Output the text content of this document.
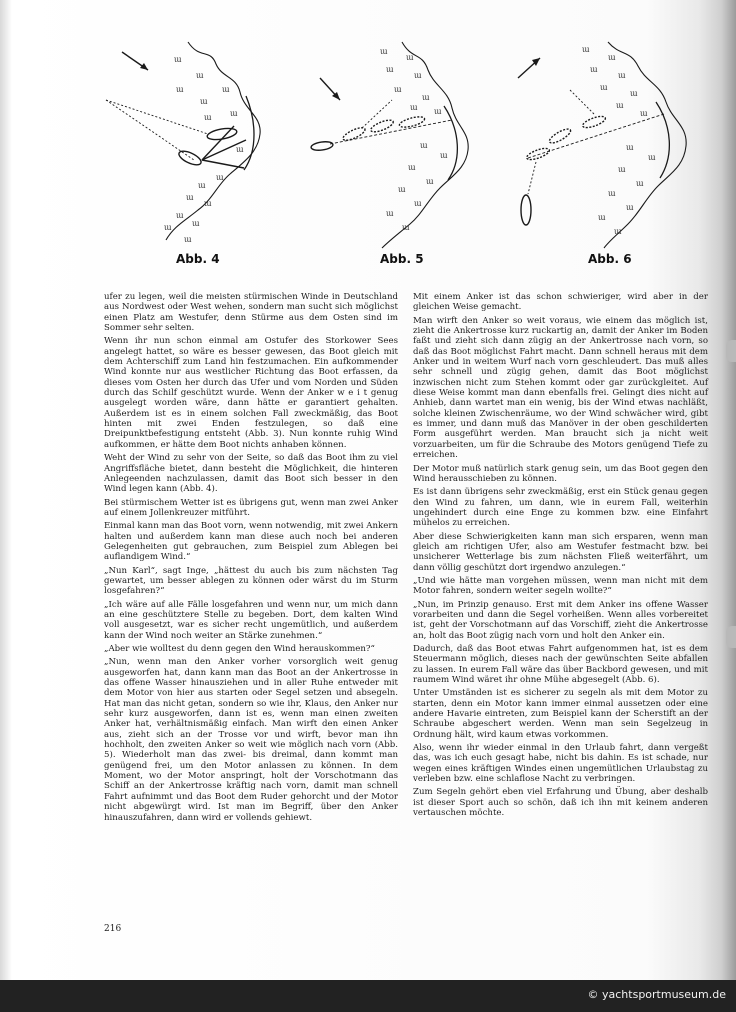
ɯ
ɯ
ɯ
ɯ
ɯ
ɯ ɯ
ɯ
ɯ
ɯ
ɯ
ɯ
ɯ
ɯ
ɯ
ɯ
Abb. 4
ɯ
ɯ
ɯ
ɯ
ɯ
ɯ
ɯ ɯ
ɯ
ɯ
ɯ
ɯ
ɯ
ɯ
ɯ
ɯ
Abb. 5
ɯ
ɯ
ɯ
ɯ
ɯ
ɯ
ɯ
ɯ
ɯ
ɯ
ɯ
ɯ
ɯ
ɯ
ɯ
ɯ
Abb. 6

ufer zu legen, weil die meisten stürmischen Winde in Deutschland aus Nordwest oder West wehen, sondern man sucht sich möglichst einen Platz am Westufer, denn Stürme aus dem Osten sind im Sommer sehr selten.

Wenn ihr nun schon einmal am Ostufer des Storkower Sees angelegt hattet, so wäre es besser gewesen, das Boot gleich mit dem Achterschiff zum Land hin festzumachen. Ein aufkommender Wind konnte nur aus westlicher Richtung das Boot erfassen, da dieses vom Osten her durch das Ufer und vom Norden und Süden durch das Schilf geschützt wurde. Wenn der Anker w e i t genug ausgelegt worden wäre, dann hätte er garantiert gehalten. Außerdem ist es in einem solchen Fall zweckmäßig, das Boot hinten mit zwei Enden festzulegen, so daß eine Dreipunktbefestigung entsteht (Abb. 3). Nun konnte ruhig Wind aufkommen, er hätte dem Boot nichts anhaben können.

Weht der Wind zu sehr von der Seite, so daß das Boot ihm zu viel Angriffsfläche bietet, dann besteht die Möglichkeit, die hinteren Anlegeenden nachzulassen, damit das Boot sich besser in den Wind legen kann (Abb. 4).

Bei stürmischem Wetter ist es übrigens gut, wenn man zwei Anker auf einem Jollenkreuzer mitführt.

Einmal kann man das Boot vorn, wenn notwendig, mit zwei Ankern halten und außerdem kann man diese auch noch bei anderen Gelegenheiten gut gebrauchen, zum Beispiel zum Ablegen bei auflandigem Wind.“

„Nun Karl“, sagt Inge, „hättest du auch bis zum nächsten Tag gewartet, um besser ablegen zu können oder wärst du im Sturm losgefahren?“

„Ich wäre auf alle Fälle losgefahren und wenn nur, um mich dann an eine geschütztere Stelle zu begeben. Dort, dem kalten Wind voll ausgesetzt, war es sicher recht ungemütlich, und außerdem kann der Wind noch weiter an Stärke zunehmen.“

„Aber wie wolltest du denn gegen den Wind herauskommen?“

„Nun, wenn man den Anker vorher vorsorglich weit genug ausgeworfen hat, dann kann man das Boot an der Ankertrosse in das offene Wasser hinausziehen und in aller Ruhe entweder mit dem Motor von hier aus starten oder Segel setzen und absegeln. Hat man das nicht getan, sondern so wie ihr, Klaus, den Anker nur sehr kurz ausgeworfen, dann ist es, wenn man einen zweiten Anker hat, verhältnismäßig einfach. Man wirft den einen Anker aus, zieht sich an der Trosse vor und wirft, bevor man ihn hochholt, den zweiten Anker so weit wie möglich nach vorn (Abb. 5). Wiederholt man das zwei- bis dreimal, dann kommt man genügend frei, um den Motor anlassen zu können. In dem Moment, wo der Motor anspringt, holt der Vorschotmann das Schiff an der Ankertrosse kräftig nach vorn, damit man schnell Fahrt aufnimmt und das Boot dem Ruder gehorcht und der Motor nicht abgewürgt wird. Ist man im Begriff, über den Anker hinauszufahren, dann wird er vollends gehiewt.

Mit einem Anker ist das schon schwieriger, wird aber in der gleichen Weise gemacht.

Man wirft den Anker so weit voraus, wie einem das möglich ist, zieht die Ankertrosse kurz ruckartig an, damit der Anker im Boden faßt und zieht sich dann zügig an der Ankertrosse nach vorn, so daß das Boot möglichst Fahrt macht. Dann schnell heraus mit dem Anker und in weitem Wurf nach vorn geschleudert. Das muß alles sehr schnell und zügig gehen, damit das Boot möglichst inzwischen nicht zum Stehen kommt oder gar zurückgleitet. Auf diese Weise kommt man dann ebenfalls frei. Gelingt dies nicht auf Anhieb, dann wartet man ein wenig, bis der Wind etwas nachläßt, solche kleinen Zwischenräume, wo der Wind schwächer wird, gibt es immer, und dann muß das Manöver in der oben geschilderten Form ausgeführt werden. Man braucht sich ja nicht weit vorzuarbeiten, um für die Schraube des Motors genügend Tiefe zu erreichen.

Der Motor muß natürlich stark genug sein, um das Boot gegen den Wind herausschieben zu können.

Es ist dann übrigens sehr zweckmäßig, erst ein Stück genau gegen den Wind zu fahren, um dann, wie in eurem Fall, weiterhin ungehindert durch eine Enge zu kommen bzw. eine Einfahrt mühelos zu erreichen.

Aber diese Schwierigkeiten kann man sich ersparen, wenn man gleich am richtigen Ufer, also am Westufer festmacht bzw. bei unsicherer Wetterlage bis zum nächsten Fließ weiterfährt, um dann völlig geschützt dort irgendwo anzulegen.“

„Und wie hätte man vorgehen müssen, wenn man nicht mit dem Motor fahren, sondern weiter segeln wollte?“

„Nun, im Prinzip genauso. Erst mit dem Anker ins offene Wasser vorarbeiten und dann die Segel vorheißen. Wenn alles vorbereitet ist, geht der Vorschotmann auf das Vorschiff, zieht die Ankertrosse an, holt das Boot zügig nach vorn und holt den Anker ein.

Dadurch, daß das Boot etwas Fahrt aufgenommen hat, ist es dem Steuermann möglich, dieses nach der gewünschten Seite abfallen zu lassen. In eurem Fall wäre das über Backbord gewesen, und mit raumem Wind wäret ihr ohne Mühe abgesegelt (Abb. 6).

Unter Umständen ist es sicherer zu segeln als mit dem Motor zu starten, denn ein Motor kann immer einmal aussetzen oder eine andere Havarie eintreten, zum Beispiel kann der Scherstift an der Schraube abgeschert werden. Wenn man sein Segelzeug in Ordnung hält, wird kaum etwas vorkommen.

Also, wenn ihr wieder einmal in den Urlaub fahrt, dann vergeßt das, was ich euch gesagt habe, nicht bis dahin. Es ist schade, nur wegen eines kräftigen Windes einen ungemütlichen Urlaubstag zu verleben bzw. eine schlaflose Nacht zu verbringen.

Zum Segeln gehört eben viel Erfahrung und Übung, aber deshalb ist dieser Sport auch so schön, daß ich ihn mit keinem anderen vertauschen möchte.

216
© yachtsportmuseum.de
